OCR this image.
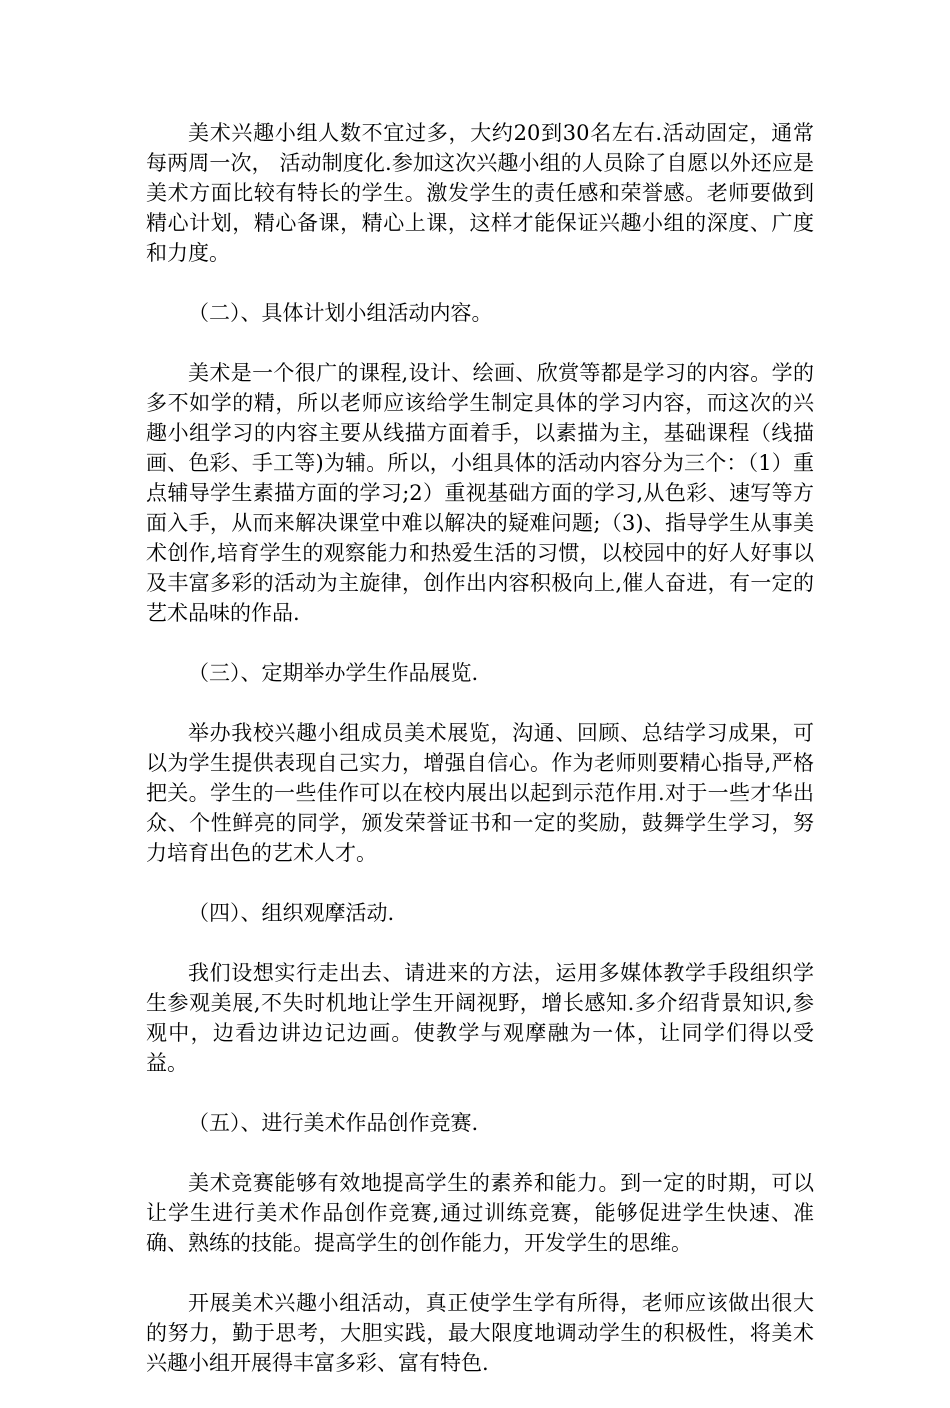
美术兴趣小组人数不宜过多，大约20到30名左右.活动固定，通常每两周一次， 活动制度化.参加这次兴趣小组的人员除了自愿以外还应是美术方面比较有特长的学生。激发学生的责任感和荣誉感。老师要做到精心计划，精心备课，精心上课，这样才能保证兴趣小组的深度、广度和力度。

（二）、具体计划小组活动内容。

美术是一个很广的课程,设计、绘画、欣赏等都是学习的内容。学的多不如学的精，所以老师应该给学生制定具体的学习内容，而这次的兴趣小组学习的内容主要从线描方面着手，以素描为主，基础课程（线描画、色彩、手工等)为辅。所以，小组具体的活动内容分为三个：（1）重点辅导学生素描方面的学习;2）重视基础方面的学习,从色彩、速写等方面入手，从而来解决课堂中难以解决的疑难问题;（3)、指导学生从事美术创作,培育学生的观察能力和热爱生活的习惯，以校园中的好人好事以及丰富多彩的活动为主旋律，创作出内容积极向上,催人奋进，有一定的艺术品味的作品.

（三）、定期举办学生作品展览.

举办我校兴趣小组成员美术展览，沟通、回顾、总结学习成果，可以为学生提供表现自己实力，增强自信心。作为老师则要精心指导,严格把关。学生的一些佳作可以在校内展出以起到示范作用.对于一些才华出众、个性鲜亮的同学，颁发荣誉证书和一定的奖励，鼓舞学生学习，努力培育出色的艺术人才。

（四）、组织观摩活动.

我们设想实行走出去、请进来的方法，运用多媒体教学手段组织学生参观美展,不失时机地让学生开阔视野，增长感知.多介绍背景知识,参观中，边看边讲边记边画。使教学与观摩融为一体，让同学们得以受益。

（五）、进行美术作品创作竞赛.

美术竞赛能够有效地提高学生的素养和能力。到一定的时期，可以让学生进行美术作品创作竞赛,通过训练竞赛，能够促进学生快速、准确、熟练的技能。提高学生的创作能力，开发学生的思维。

开展美术兴趣小组活动，真正使学生学有所得，老师应该做出很大的努力，勤于思考，大胆实践，最大限度地调动学生的积极性，将美术兴趣小组开展得丰富多彩、富有特色.
